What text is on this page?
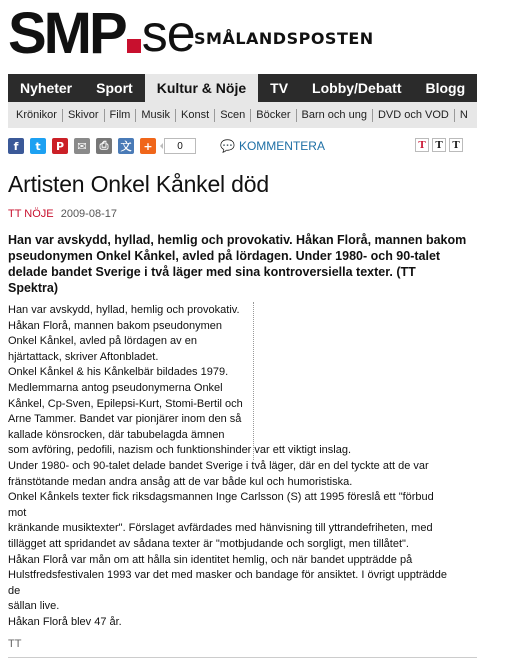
SMP se SMÅLANDSPOSTEN
Nyheter	Sport	Kultur & Nöje	TV	Lobby/Debatt	Blogg	M
Krönikor	Skivor	Film	Musik	Konst	Scen	Böcker	Barn och ung	DVD och VOD	N
f	t	P	✉	⎙	文	+	0	💬 KOMMENTERA	T T T
Artisten Onkel Kånkel död
TT NÖJE 2009-08-17
Han var avskydd, hyllad, hemlig och provokativ. Håkan Florå, mannen bakom pseudonymen Onkel Kånkel, avled på lördagen. Under 1980- och 90-talet delade bandet Sverige i två läger med sina kontroversiella texter. (TT Spektra)

Han var avskydd, hyllad, hemlig och provokativ.

Håkan Florå, mannen bakom pseudonymen

Onkel Kånkel, avled på lördagen av en

hjärtattack, skriver Aftonbladet.

Onkel Kånkel & his Kånkelbär bildades 1979.

Medlemmarna antog pseudonymerna Onkel

Kånkel, Cp-Sven, Epilepsi-Kurt, Stomi-Bertil och

Arne Tammer. Bandet var pionjärer inom den så

kallade könsrocken, där tabubelagda ämnen

som avföring, pedofili, nazism och funktionshinder var ett viktigt inslag.

Under 1980- och 90-talet delade bandet Sverige i två läger, där en del tyckte att de var

fränstötande medan andra ansåg att de var både kul och humoristiska.

Onkel Kånkels texter fick riksdagsmannen Inge Carlsson (S) att 1995 föreslå ett "förbud mot

kränkande musiktexter". Förslaget avfärdades med hänvisning till yttrandefriheten, med

tillägget att spridandet av sådana texter är "motbjudande och sorgligt, men tillåtet".

Håkan Florå var mån om att hålla sin identitet hemlig, och när bandet uppträdde på

Hulstfredsfestivalen 1993 var det med masker och bandage för ansiktet. I övrigt uppträdde de

sällan live.

Håkan Florå blev 47 år.

TT
